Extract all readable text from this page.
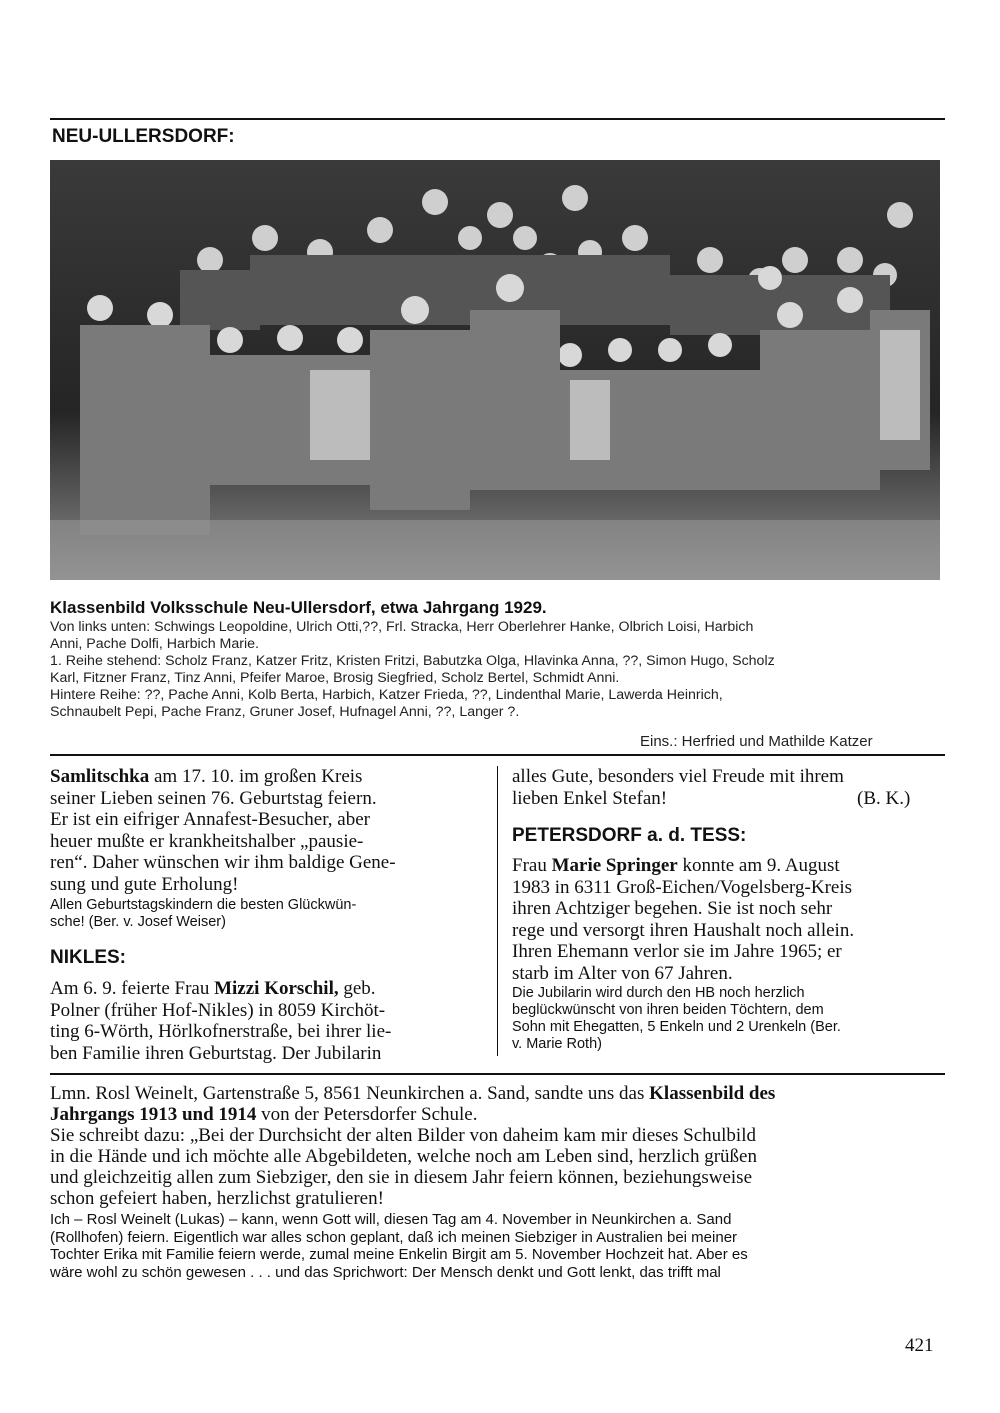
NEU-ULLERSDORF:
Klassenbild Volksschule Neu-Ullersdorf, etwa Jahrgang 1929.
Von links unten: Schwings Leopoldine, Ulrich Otti,??, Frl. Stracka, Herr Oberlehrer Hanke, Olbrich Loisi, Harbich
Anni, Pache Dolfi, Harbich Marie.
1. Reihe stehend: Scholz Franz, Katzer Fritz, Kristen Fritzi, Babutzka Olga, Hlavinka Anna, ??, Simon Hugo, Scholz
Karl, Fitzner Franz, Tinz Anni, Pfeifer Maroe, Brosig Siegfried, Scholz Bertel, Schmidt Anni.
Hintere Reihe: ??, Pache Anni, Kolb Berta, Harbich, Katzer Frieda, ??, Lindenthal Marie, Lawerda Heinrich,
Schnaubelt Pepi, Pache Franz, Gruner Josef, Hufnagel Anni, ??, Langer ?.
Eins.: Herfried und Mathilde Katzer
Samlitschka am 17. 10. im großen Kreis
seiner Lieben seinen 76. Geburtstag feiern.
Er ist ein eifriger Annafest-Besucher, aber
heuer mußte er krankheitshalber „pausie-
ren“. Daher wünschen wir ihm baldige Gene-
sung und gute Erholung!
Allen Geburtstagskindern die besten Glückwün-
sche! (Ber. v. Josef Weiser)
NIKLES:
Am 6. 9. feierte Frau Mizzi Korschil, geb.
Polner (früher Hof-Nikles) in 8059 Kirchöt-
ting 6-Wörth, Hörlkofnerstraße, bei ihrer lie-
ben Familie ihren Geburtstag. Der Jubilarin
alles Gute, besonders viel Freude mit ihrem
lieben Enkel Stefan!	(B. K.)
PETERSDORF a. d. TESS:
Frau Marie Springer konnte am 9. August
1983 in 6311 Groß-Eichen/Vogelsberg-Kreis
ihren Achtziger begehen. Sie ist noch sehr
rege und versorgt ihren Haushalt noch allein.
Ihren Ehemann verlor sie im Jahre 1965; er
starb im Alter von 67 Jahren.
Die Jubilarin wird durch den HB noch herzlich
beglückwünscht von ihren beiden Töchtern, dem
Sohn mit Ehegatten, 5 Enkeln und 2 Urenkeln (Ber.
v. Marie Roth)
Lmn. Rosl Weinelt, Gartenstraße 5, 8561 Neunkirchen a. Sand, sandte uns das Klassenbild des
Jahrgangs 1913 und 1914 von der Petersdorfer Schule.
Sie schreibt dazu: „Bei der Durchsicht der alten Bilder von daheim kam mir dieses Schulbild
in die Hände und ich möchte alle Abgebildeten, welche noch am Leben sind, herzlich grüßen
und gleichzeitig allen zum Siebziger, den sie in diesem Jahr feiern können, beziehungsweise
schon gefeiert haben, herzlichst gratulieren!
Ich – Rosl Weinelt (Lukas) – kann, wenn Gott will, diesen Tag am 4. November in Neunkirchen a. Sand
(Rollhofen) feiern. Eigentlich war alles schon geplant, daß ich meinen Siebziger in Australien bei meiner
Tochter Erika mit Familie feiern werde, zumal meine Enkelin Birgit am 5. November Hochzeit hat. Aber es
wäre wohl zu schön gewesen . . . und das Sprichwort: Der Mensch denkt und Gott lenkt, das trifft mal
421
